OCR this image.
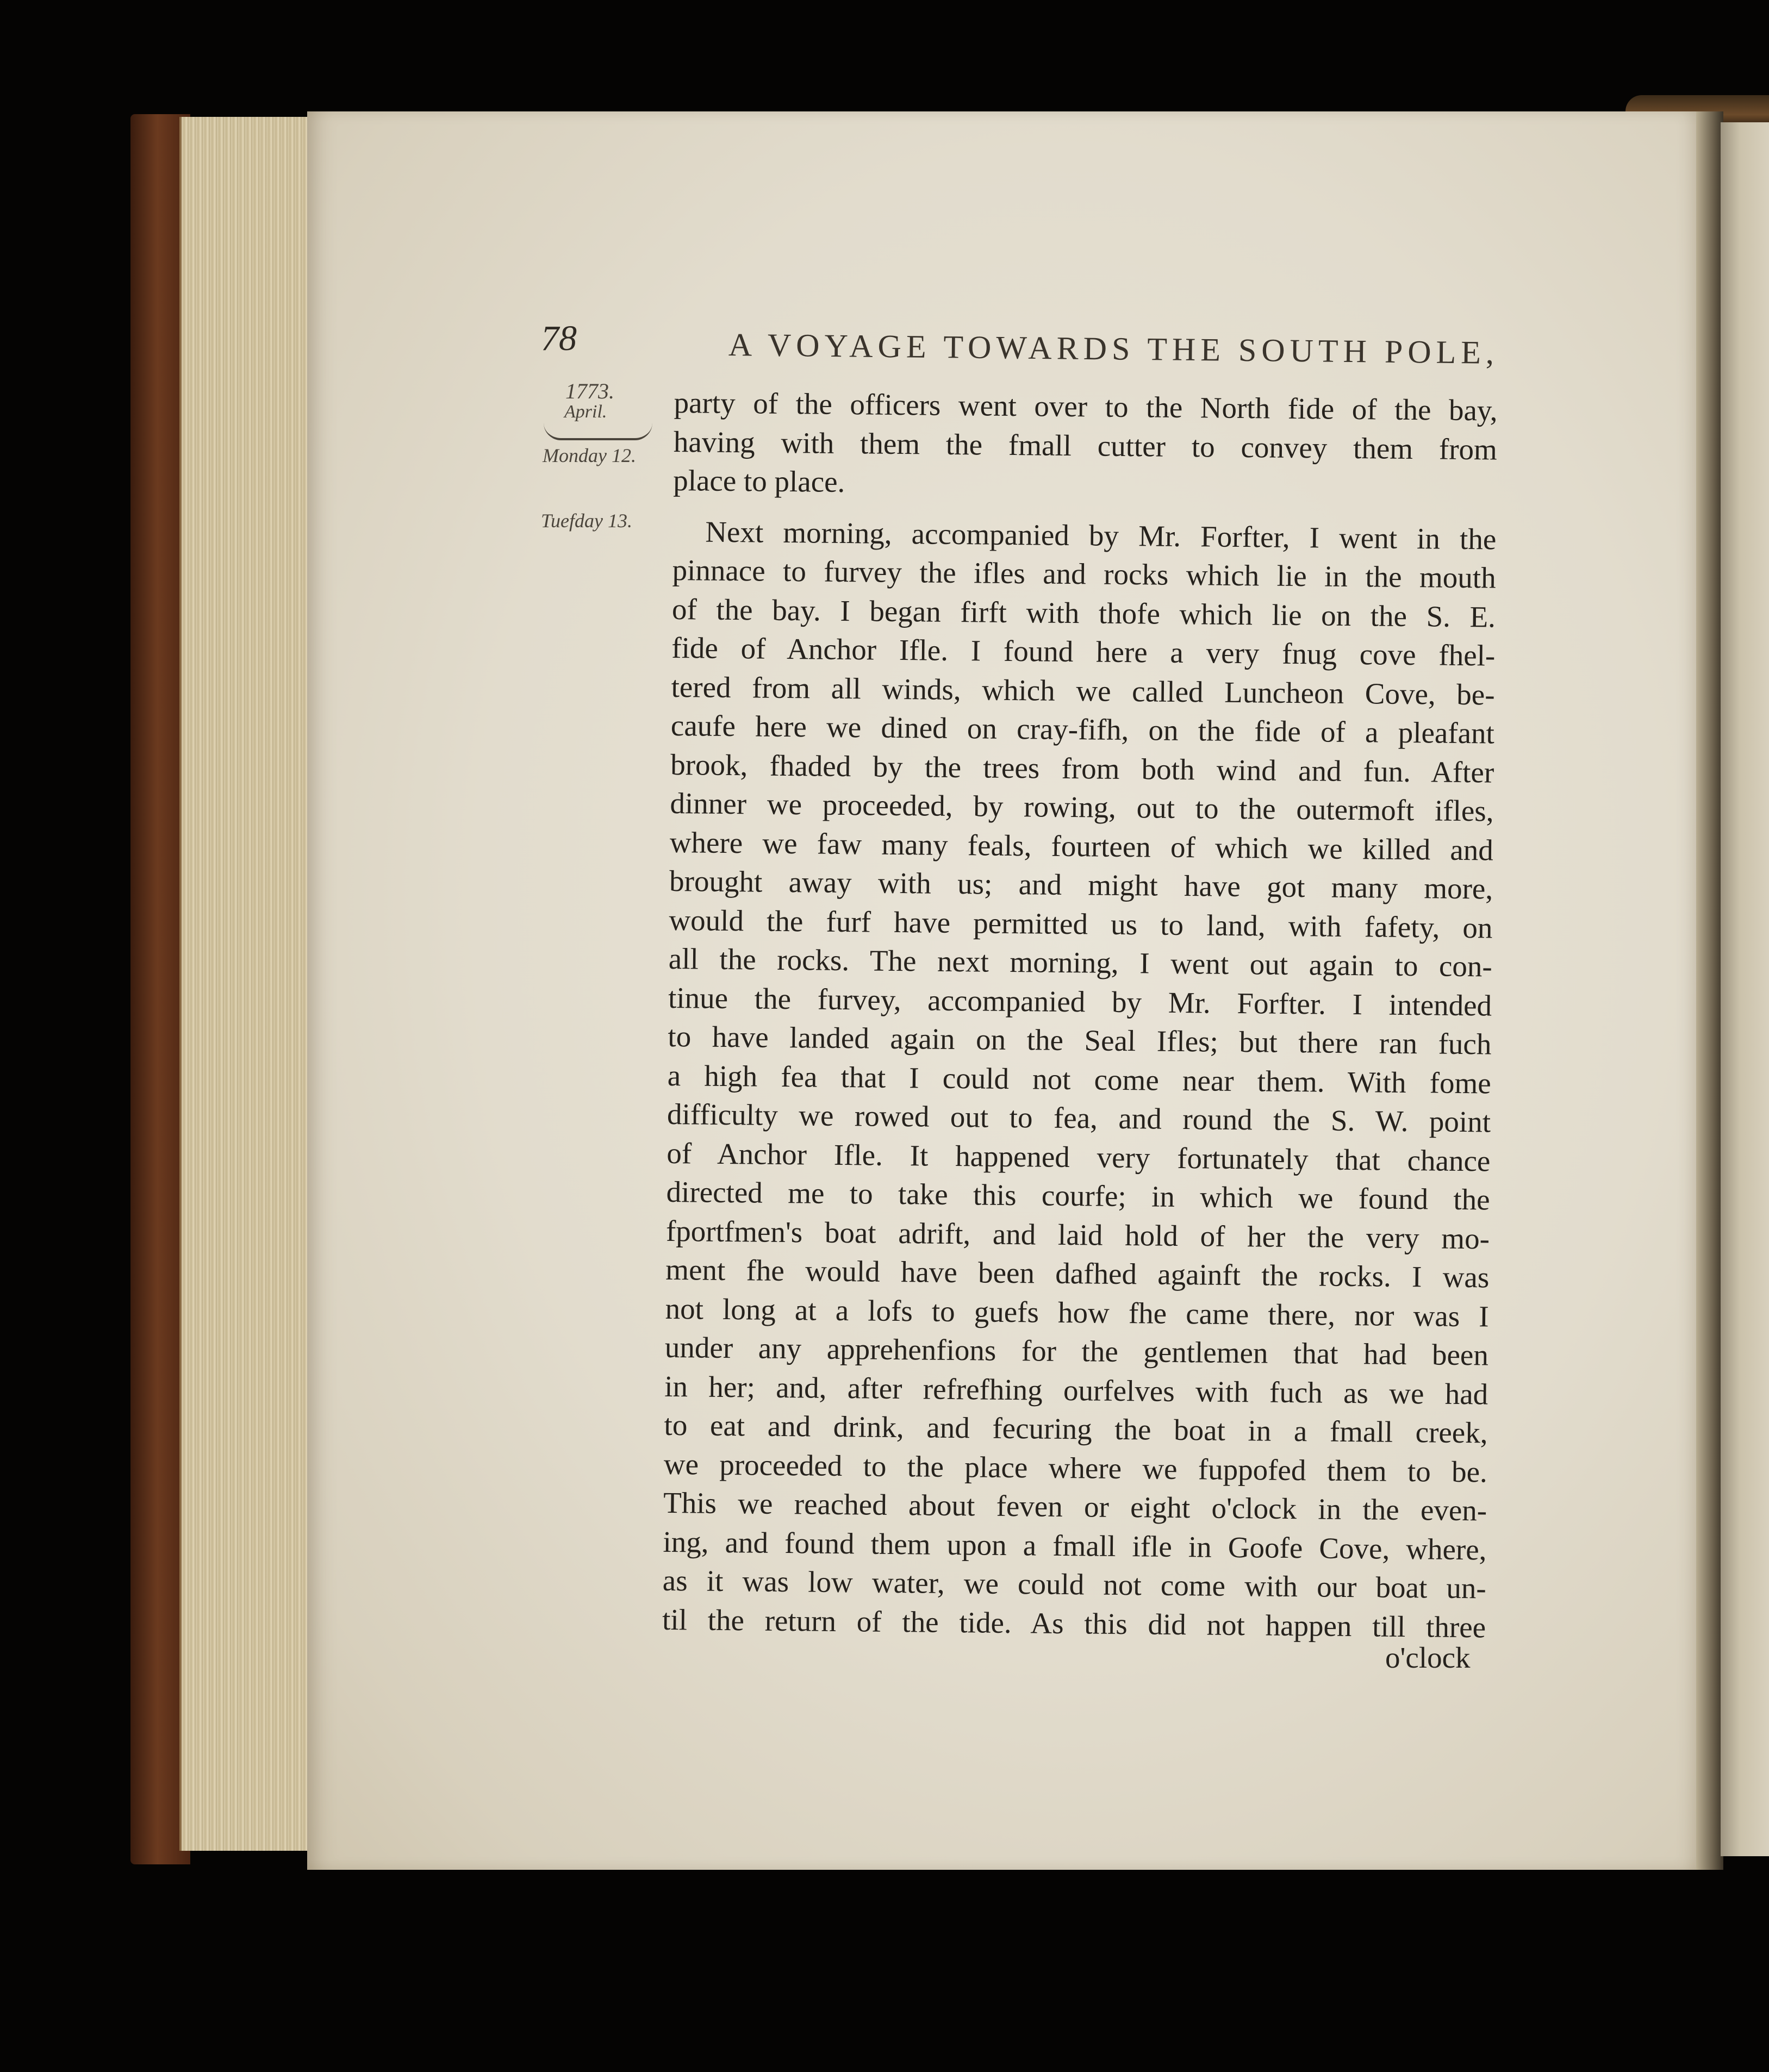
78	A VOYAGE TOWARDS THE SOUTH POLE,
1773.
April.
Monday 12.
Tuefday 13.
party of the officers went over to the North fide of the bay,
having with them the fmall cutter to convey them from
place to place.
Next morning, accompanied by Mr. Forfter, I went in the
pinnace to furvey the ifles and rocks which lie in the mouth
of the bay. I began firft with thofe which lie on the S. E.
fide of Anchor Ifle. I found here a very fnug cove fhel-
tered from all winds, which we called Luncheon Cove, be-
caufe here we dined on cray-fifh, on the fide of a pleafant
brook, fhaded by the trees from both wind and fun. After
dinner we proceeded, by rowing, out to the outermoft ifles,
where we faw many feals, fourteen of which we killed and
brought away with us; and might have got many more,
would the furf have permitted us to land, with fafety, on
all the rocks. The next morning, I went out again to con-
tinue the furvey, accompanied by Mr. Forfter. I intended
to have landed again on the Seal Ifles; but there ran fuch
a high fea that I could not come near them. With fome
difficulty we rowed out to fea, and round the S. W. point
of Anchor Ifle. It happened very fortunately that chance
directed me to take this courfe; in which we found the
fportfmen's boat adrift, and laid hold of her the very mo-
ment fhe would have been dafhed againft the rocks. I was
not long at a lofs to guefs how fhe came there, nor was I
under any apprehenfions for the gentlemen that had been
in her; and, after refrefhing ourfelves with fuch as we had
to eat and drink, and fecuring the boat in a fmall creek,
we proceeded to the place where we fuppofed them to be.
This we reached about feven or eight o'clock in the even-
ing, and found them upon a fmall ifle in Goofe Cove, where,
as it was low water, we could not come with our boat un-
til the return of the tide. As this did not happen till three
o'clock
